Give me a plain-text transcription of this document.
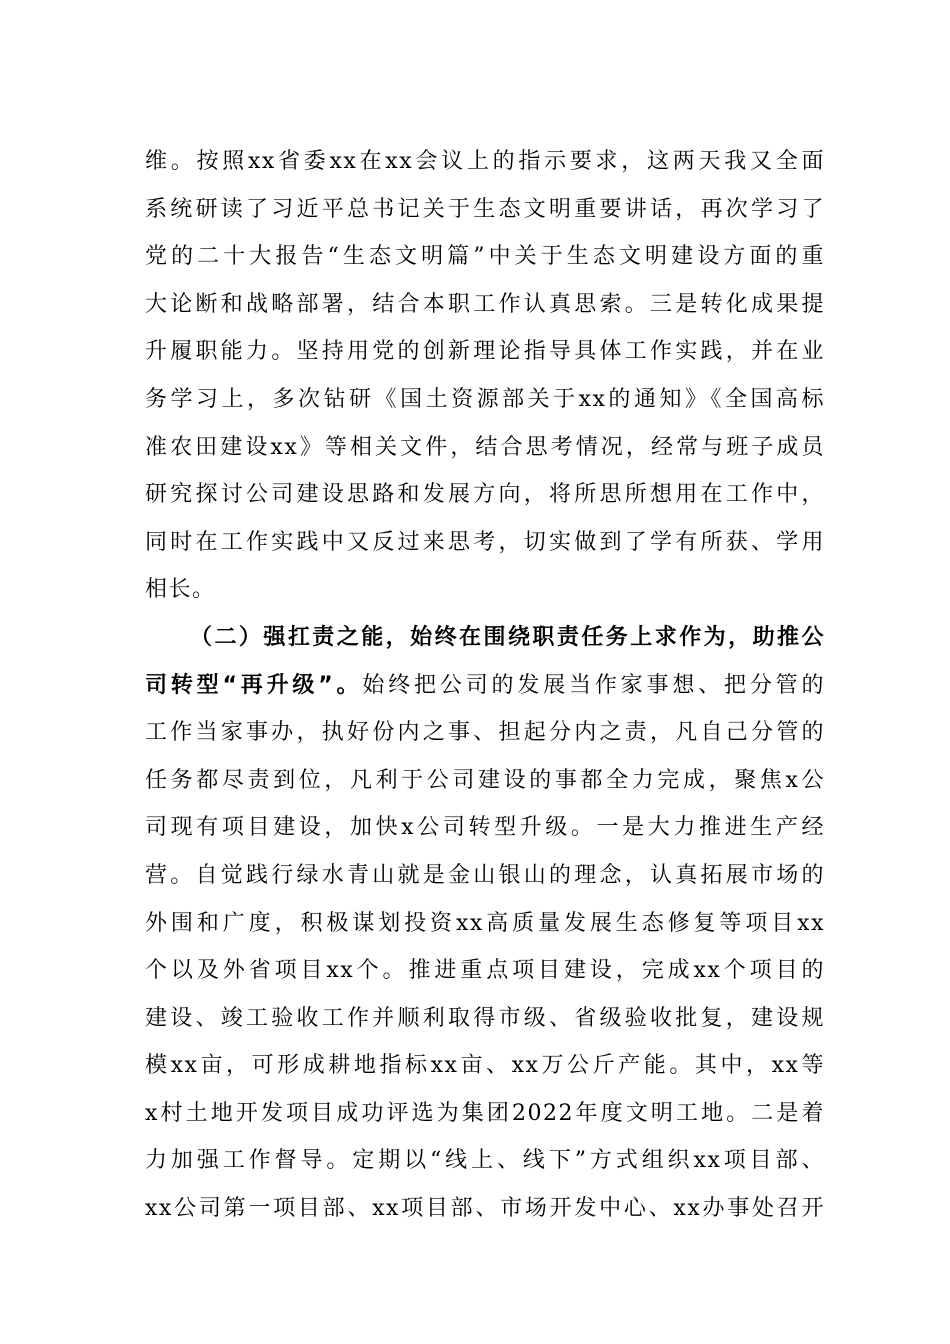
维。按照xx省委xx在xx会议上的指示要求，这两天我又全面
系统研读了习近平总书记关于生态文明重要讲话，再次学习了
党的二十大报告“生态文明篇”中关于生态文明建设方面的重
大论断和战略部署，结合本职工作认真思索。三是转化成果提
升履职能力。坚持用党的创新理论指导具体工作实践，并在业
务学习上，多次钻研《国土资源部关于xx的通知》《全国高标
准农田建设xx》等相关文件，结合思考情况，经常与班子成员
研究探讨公司建设思路和发展方向，将所思所想用在工作中，
同时在工作实践中又反过来思考，切实做到了学有所获、学用
相长。
（二）强扛责之能，始终在围绕职责任务上求作为，助推公
司转型“再升级”。始终把公司的发展当作家事想、把分管的
工作当家事办，执好份内之事、担起分内之责，凡自己分管的
任务都尽责到位，凡利于公司建设的事都全力完成，聚焦x公
司现有项目建设，加快x公司转型升级。一是大力推进生产经
营。自觉践行绿水青山就是金山银山的理念，认真拓展市场的
外围和广度，积极谋划投资xx高质量发展生态修复等项目xx
个以及外省项目xx个。推进重点项目建设，完成xx个项目的
建设、竣工验收工作并顺利取得市级、省级验收批复，建设规
模xx亩，可形成耕地指标xx亩、xx万公斤产能。其中，xx等
x村土地开发项目成功评选为集团2022年度文明工地。二是着
力加强工作督导。定期以“线上、线下”方式组织xx项目部、
xx公司第一项目部、xx项目部、市场开发中心、xx办事处召开
